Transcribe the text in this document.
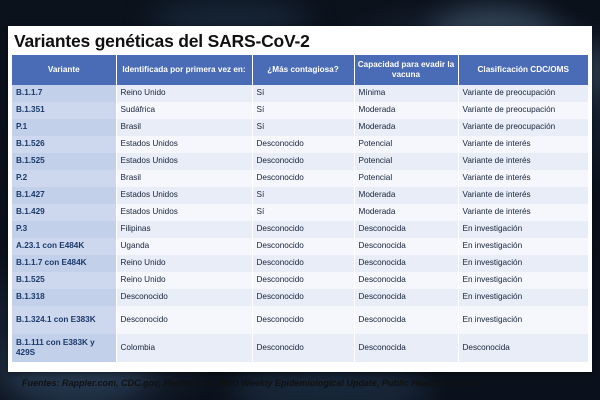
Variantes genéticas del SARS-CoV-2
Variante	Identificada por primera vez en:	¿Más contagiosa?	Capacidad para evadir la vacuna	Clasificación CDC/OMS
B.1.1.7	Reino Unido	Sí	Mínima	Variante de preocupación
B.1.351	Sudáfrica	Sí	Moderada	Variante de preocupación
P.1	Brasil	Sí	Moderada	Variante de preocupación
B.1.526	Estados Unidos	Desconocido	Potencial	Variante de interés
B.1.525	Estados Unidos	Desconocido	Potencial	Variante de interés
P.2	Brasil	Desconocido	Potencial	Variante de interés
B.1.427	Estados Unidos	Sí	Moderada	Variante de interés
B.1.429	Estados Unidos	Sí	Moderada	Variante de interés
P.3	Filipinas	Desconocido	Desconocida	En investigación
A.23.1 con E484K	Uganda	Desconocido	Desconocida	En investigación
B.1.1.7 con E484K	Reino Unido	Desconocido	Desconocida	En investigación
B.1.525	Reino Unido	Desconocido	Desconocida	En investigación
B.1.318	Desconocido	Desconocido	Desconocida	En investigación
B.1.324.1 con E383K	Desconocido	Desconocido	Desconocida	En investigación
B.1.111 con E383K y 429S	Colombia	Desconocido	Desconocida	Desconocida
Fuentes: Rappler.com, CDC.gov, Health.com, WHO Weekly Epidemiological Update, Public Health England
